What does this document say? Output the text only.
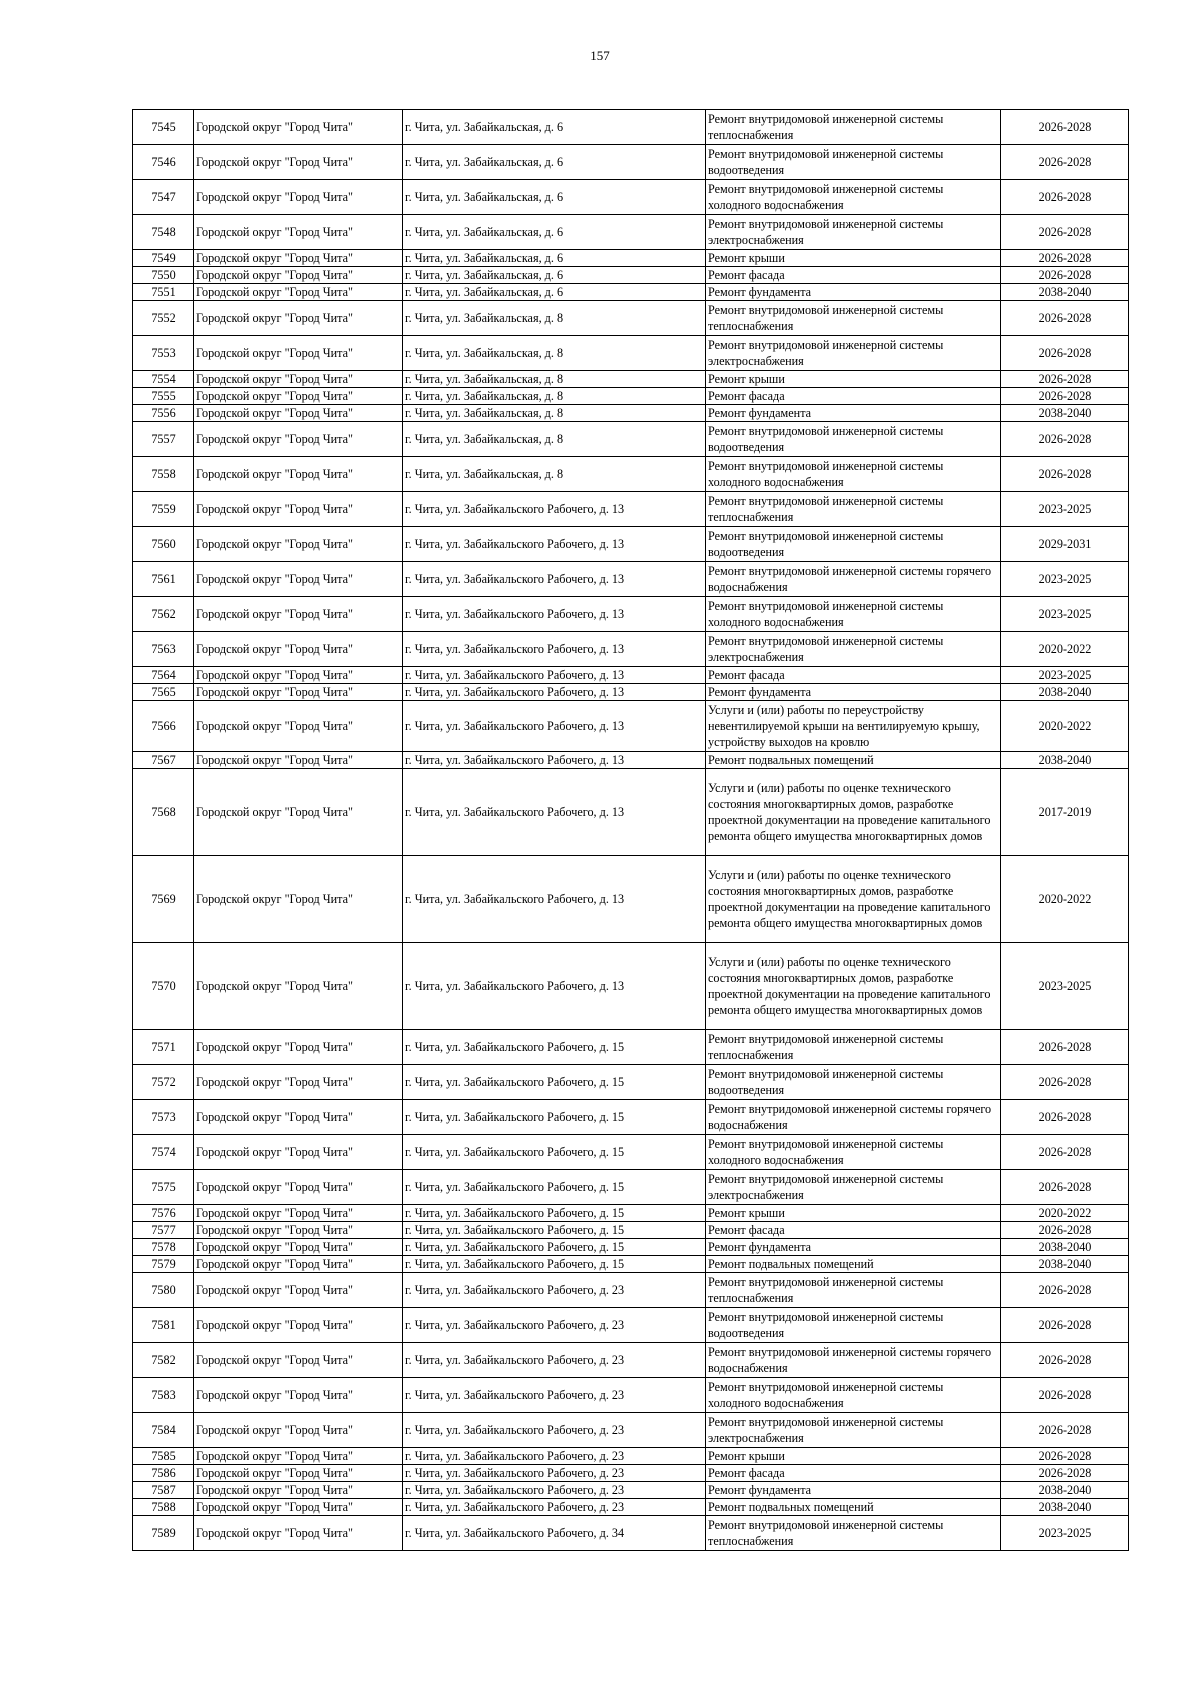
157
7545	Городской округ "Город Чита"	г. Чита, ул. Забайкальская, д. 6	Ремонт внутридомовой инженерной системы теплоснабжения	2026-2028
7546	Городской округ "Город Чита"	г. Чита, ул. Забайкальская, д. 6	Ремонт внутридомовой инженерной системы водоотведения	2026-2028
7547	Городской округ "Город Чита"	г. Чита, ул. Забайкальская, д. 6	Ремонт внутридомовой инженерной системы холодного водоснабжения	2026-2028
7548	Городской округ "Город Чита"	г. Чита, ул. Забайкальская, д. 6	Ремонт внутридомовой инженерной системы электроснабжения	2026-2028
7549	Городской округ "Город Чита"	г. Чита, ул. Забайкальская, д. 6	Ремонт крыши	2026-2028
7550	Городской округ "Город Чита"	г. Чита, ул. Забайкальская, д. 6	Ремонт фасада	2026-2028
7551	Городской округ "Город Чита"	г. Чита, ул. Забайкальская, д. 6	Ремонт фундамента	2038-2040
7552	Городской округ "Город Чита"	г. Чита, ул. Забайкальская, д. 8	Ремонт внутридомовой инженерной системы теплоснабжения	2026-2028
7553	Городской округ "Город Чита"	г. Чита, ул. Забайкальская, д. 8	Ремонт внутридомовой инженерной системы электроснабжения	2026-2028
7554	Городской округ "Город Чита"	г. Чита, ул. Забайкальская, д. 8	Ремонт крыши	2026-2028
7555	Городской округ "Город Чита"	г. Чита, ул. Забайкальская, д. 8	Ремонт фасада	2026-2028
7556	Городской округ "Город Чита"	г. Чита, ул. Забайкальская, д. 8	Ремонт фундамента	2038-2040
7557	Городской округ "Город Чита"	г. Чита, ул. Забайкальская, д. 8	Ремонт внутридомовой инженерной системы водоотведения	2026-2028
7558	Городской округ "Город Чита"	г. Чита, ул. Забайкальская, д. 8	Ремонт внутридомовой инженерной системы холодного водоснабжения	2026-2028
7559	Городской округ "Город Чита"	г. Чита, ул. Забайкальского Рабочего, д. 13	Ремонт внутридомовой инженерной системы теплоснабжения	2023-2025
7560	Городской округ "Город Чита"	г. Чита, ул. Забайкальского Рабочего, д. 13	Ремонт внутридомовой инженерной системы водоотведения	2029-2031
7561	Городской округ "Город Чита"	г. Чита, ул. Забайкальского Рабочего, д. 13	Ремонт внутридомовой инженерной системы горячего водоснабжения	2023-2025
7562	Городской округ "Город Чита"	г. Чита, ул. Забайкальского Рабочего, д. 13	Ремонт внутридомовой инженерной системы холодного водоснабжения	2023-2025
7563	Городской округ "Город Чита"	г. Чита, ул. Забайкальского Рабочего, д. 13	Ремонт внутридомовой инженерной системы электроснабжения	2020-2022
7564	Городской округ "Город Чита"	г. Чита, ул. Забайкальского Рабочего, д. 13	Ремонт фасада	2023-2025
7565	Городской округ "Город Чита"	г. Чита, ул. Забайкальского Рабочего, д. 13	Ремонт фундамента	2038-2040
7566	Городской округ "Город Чита"	г. Чита, ул. Забайкальского Рабочего, д. 13	Услуги и (или) работы по переустройству невентилируемой крыши на вентилируемую крышу, устройству выходов на кровлю	2020-2022
7567	Городской округ "Город Чита"	г. Чита, ул. Забайкальского Рабочего, д. 13	Ремонт подвальных помещений	2038-2040
7568	Городской округ "Город Чита"	г. Чита, ул. Забайкальского Рабочего, д. 13	Услуги и (или) работы по оценке технического состояния многоквартирных домов, разработке проектной документации на проведение капитального ремонта общего имущества многоквартирных домов	2017-2019
7569	Городской округ "Город Чита"	г. Чита, ул. Забайкальского Рабочего, д. 13	Услуги и (или) работы по оценке технического состояния многоквартирных домов, разработке проектной документации на проведение капитального ремонта общего имущества многоквартирных домов	2020-2022
7570	Городской округ "Город Чита"	г. Чита, ул. Забайкальского Рабочего, д. 13	Услуги и (или) работы по оценке технического состояния многоквартирных домов, разработке проектной документации на проведение капитального ремонта общего имущества многоквартирных домов	2023-2025
7571	Городской округ "Город Чита"	г. Чита, ул. Забайкальского Рабочего, д. 15	Ремонт внутридомовой инженерной системы теплоснабжения	2026-2028
7572	Городской округ "Город Чита"	г. Чита, ул. Забайкальского Рабочего, д. 15	Ремонт внутридомовой инженерной системы водоотведения	2026-2028
7573	Городской округ "Город Чита"	г. Чита, ул. Забайкальского Рабочего, д. 15	Ремонт внутридомовой инженерной системы горячего водоснабжения	2026-2028
7574	Городской округ "Город Чита"	г. Чита, ул. Забайкальского Рабочего, д. 15	Ремонт внутридомовой инженерной системы холодного водоснабжения	2026-2028
7575	Городской округ "Город Чита"	г. Чита, ул. Забайкальского Рабочего, д. 15	Ремонт внутридомовой инженерной системы электроснабжения	2026-2028
7576	Городской округ "Город Чита"	г. Чита, ул. Забайкальского Рабочего, д. 15	Ремонт крыши	2020-2022
7577	Городской округ "Город Чита"	г. Чита, ул. Забайкальского Рабочего, д. 15	Ремонт фасада	2026-2028
7578	Городской округ "Город Чита"	г. Чита, ул. Забайкальского Рабочего, д. 15	Ремонт фундамента	2038-2040
7579	Городской округ "Город Чита"	г. Чита, ул. Забайкальского Рабочего, д. 15	Ремонт подвальных помещений	2038-2040
7580	Городской округ "Город Чита"	г. Чита, ул. Забайкальского Рабочего, д. 23	Ремонт внутридомовой инженерной системы теплоснабжения	2026-2028
7581	Городской округ "Город Чита"	г. Чита, ул. Забайкальского Рабочего, д. 23	Ремонт внутридомовой инженерной системы водоотведения	2026-2028
7582	Городской округ "Город Чита"	г. Чита, ул. Забайкальского Рабочего, д. 23	Ремонт внутридомовой инженерной системы горячего водоснабжения	2026-2028
7583	Городской округ "Город Чита"	г. Чита, ул. Забайкальского Рабочего, д. 23	Ремонт внутридомовой инженерной системы холодного водоснабжения	2026-2028
7584	Городской округ "Город Чита"	г. Чита, ул. Забайкальского Рабочего, д. 23	Ремонт внутридомовой инженерной системы электроснабжения	2026-2028
7585	Городской округ "Город Чита"	г. Чита, ул. Забайкальского Рабочего, д. 23	Ремонт крыши	2026-2028
7586	Городской округ "Город Чита"	г. Чита, ул. Забайкальского Рабочего, д. 23	Ремонт фасада	2026-2028
7587	Городской округ "Город Чита"	г. Чита, ул. Забайкальского Рабочего, д. 23	Ремонт фундамента	2038-2040
7588	Городской округ "Город Чита"	г. Чита, ул. Забайкальского Рабочего, д. 23	Ремонт подвальных помещений	2038-2040
7589	Городской округ "Город Чита"	г. Чита, ул. Забайкальского Рабочего, д. 34	Ремонт внутридомовой инженерной системы теплоснабжения	2023-2025
